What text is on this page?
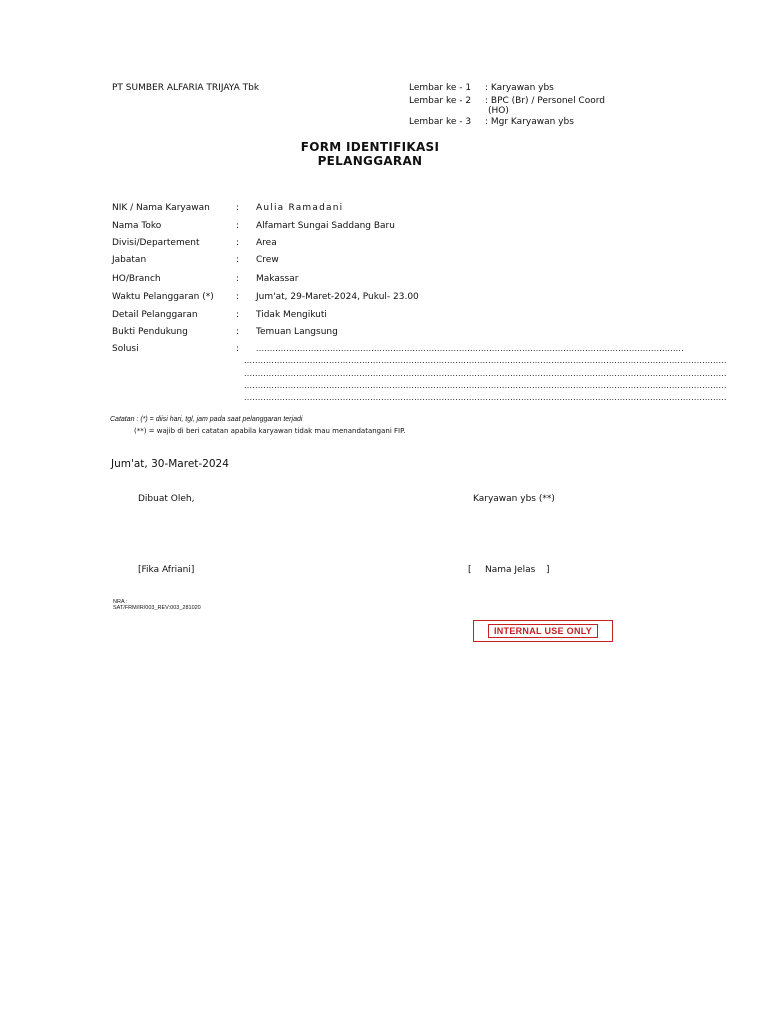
PT SUMBER ALFARIA TRIJAYA Tbk	Lembar ke - 1 : Karyawan ybs
Lembar ke - 2 : BPC (Br) / Personel Coord
(HO)
Lembar ke - 3 : Mgr Karyawan ybs
FORM IDENTIFIKASI
PELANGGARAN
NIK / Nama Karyawan	: Aulia Ramadani
Nama Toko	: Alfamart Sungai Saddang Baru
Divisi/Departement	: Area
Jabatan	: Crew
HO/Branch	: Makassar
Waktu Pelanggaran (*) : Jum'at, 29-Maret-2024, Pukul- 23.00
Detail Pelanggaran	: Tidak Mengikuti
Bukti Pendukung	: Temuan Langsung
Solusi	: ............................................................................................................................................................
................................................................................................................................................................................
................................................................................................................................................................................
................................................................................................................................................................................
................................................................................................................................................................................
Catatan : (*) = diisi hari, tgl, jam pada saat pelanggaran terjadi
(**) = wajib di beri catatan apabila karyawan tidak mau menandatangani FIP.
Jum'at, 30-Maret-2024
Dibuat Oleh,	Karyawan ybs (**)
[Fika Afriani]	[ Nama Jelas ]
NRA :
SAT/FRM/IR/003_REV:003_281020
INTERNAL USE ONLY
